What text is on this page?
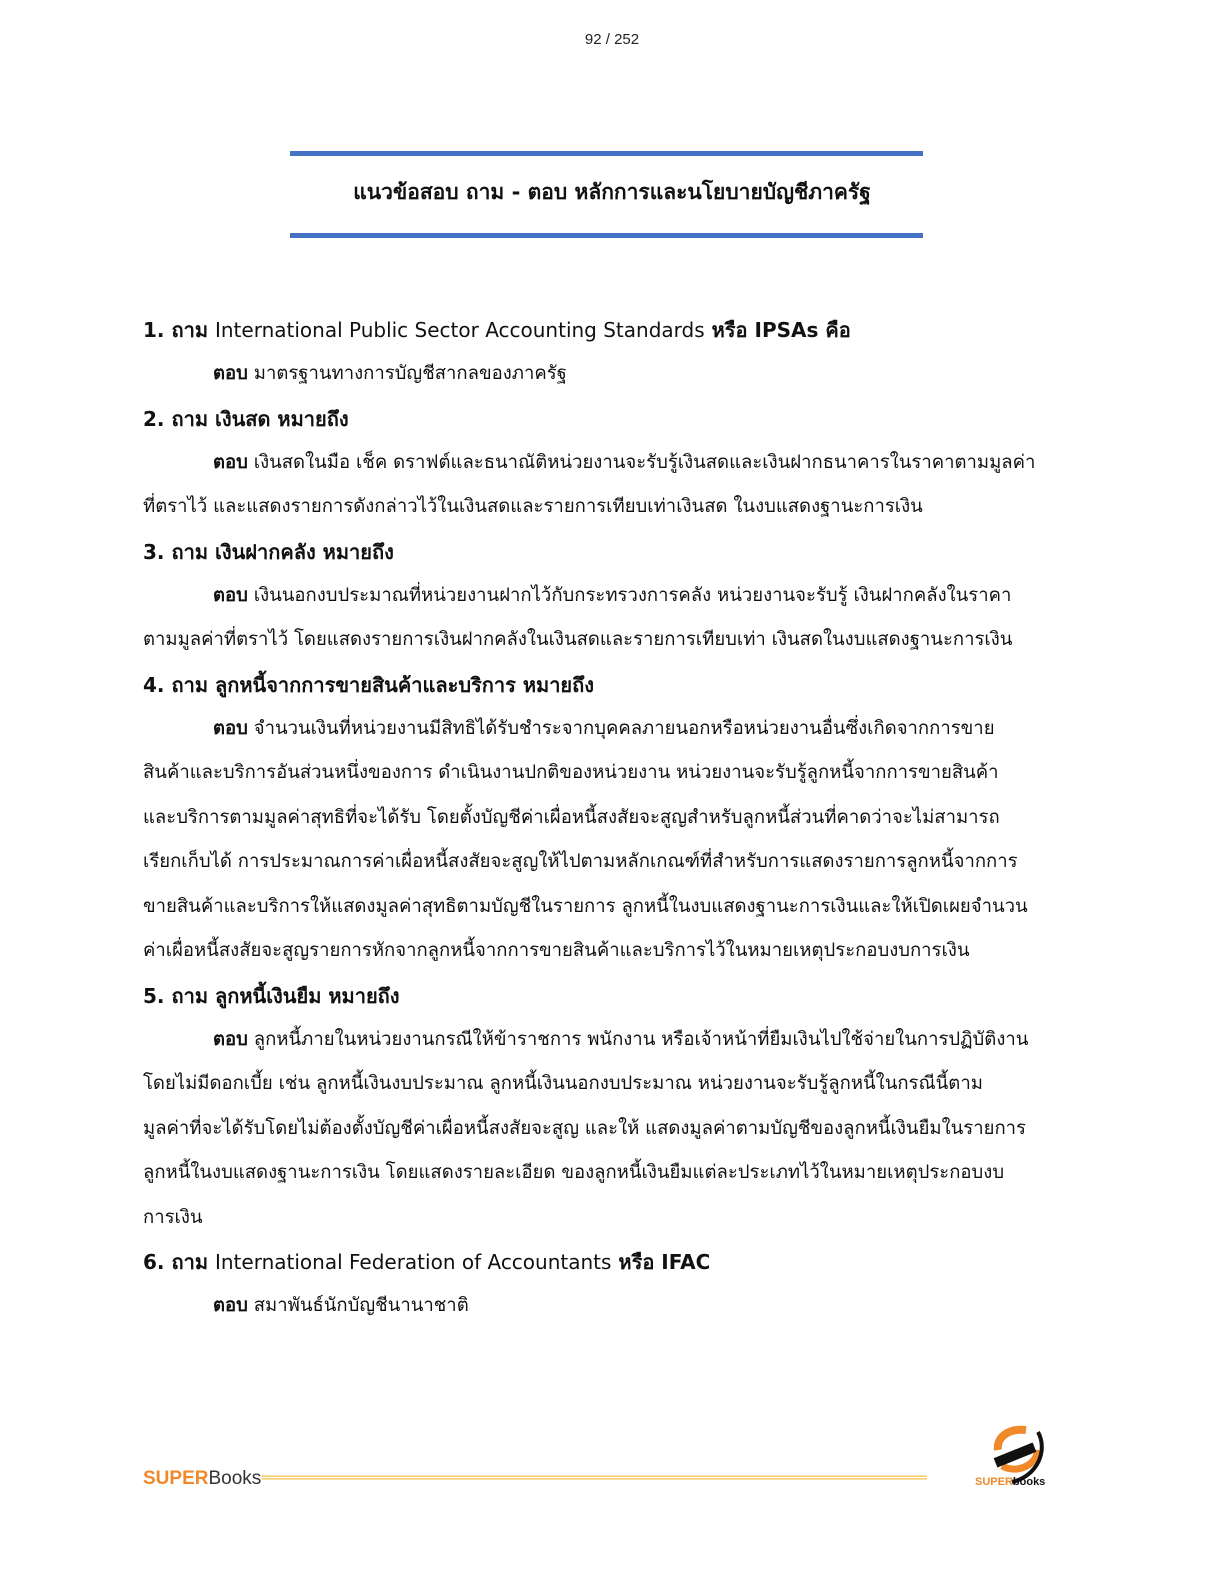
92 / 252
แนวข้อสอบ ถาม - ตอบ หลักการและนโยบายบัญชีภาครัฐ
1. ถาม International Public Sector Accounting Standards หรือ IPSAs คือ
ตอบ มาตรฐานทางการบัญชีสากลของภาครัฐ
2. ถาม เงินสด หมายถึง
ตอบ เงินสดในมือ เช็ค ดราฟต์และธนาณัติหน่วยงานจะรับรู้เงินสดและเงินฝากธนาคารในราคาตามมูลค่า
ที่ตราไว้ และแสดงรายการดังกล่าวไว้ในเงินสดและรายการเทียบเท่าเงินสด ในงบแสดงฐานะการเงิน
3. ถาม เงินฝากคลัง หมายถึง
ตอบ เงินนอกงบประมาณที่หน่วยงานฝากไว้กับกระทรวงการคลัง หน่วยงานจะรับรู้ เงินฝากคลังในราคา
ตามมูลค่าที่ตราไว้ โดยแสดงรายการเงินฝากคลังในเงินสดและรายการเทียบเท่า เงินสดในงบแสดงฐานะการเงิน
4. ถาม ลูกหนี้จากการขายสินค้าและบริการ หมายถึง
ตอบ จำนวนเงินที่หน่วยงานมีสิทธิได้รับชำระจากบุคคลภายนอกหรือหน่วยงานอื่นซึ่งเกิดจากการขาย
สินค้าและบริการอันส่วนหนึ่งของการ ดำเนินงานปกติของหน่วยงาน หน่วยงานจะรับรู้ลูกหนี้จากการขายสินค้า
และบริการตามมูลค่าสุทธิที่จะได้รับ โดยตั้งบัญชีค่าเผื่อหนี้สงสัยจะสูญสำหรับลูกหนี้ส่วนที่คาดว่าจะไม่สามารถ
เรียกเก็บได้ การประมาณการค่าเผื่อหนี้สงสัยจะสูญให้ไปตามหลักเกณฑ์ที่สำหรับการแสดงรายการลูกหนี้จากการ
ขายสินค้าและบริการให้แสดงมูลค่าสุทธิตามบัญชีในรายการ ลูกหนี้ในงบแสดงฐานะการเงินและให้เปิดเผยจำนวน
ค่าเผื่อหนี้สงสัยจะสูญรายการหักจากลูกหนี้จากการขายสินค้าและบริการไว้ในหมายเหตุประกอบงบการเงิน
5. ถาม ลูกหนี้เงินยืม หมายถึง
ตอบ ลูกหนี้ภายในหน่วยงานกรณีให้ข้าราชการ พนักงาน หรือเจ้าหน้าที่ยืมเงินไปใช้จ่ายในการปฏิบัติงาน
โดยไม่มีดอกเบี้ย เช่น ลูกหนี้เงินงบประมาณ ลูกหนี้เงินนอกงบประมาณ หน่วยงานจะรับรู้ลูกหนี้ในกรณีนี้ตาม
มูลค่าที่จะได้รับโดยไม่ต้องตั้งบัญชีค่าเผื่อหนี้สงสัยจะสูญ และให้ แสดงมูลค่าตามบัญชีของลูกหนี้เงินยืมในรายการ
ลูกหนี้ในงบแสดงฐานะการเงิน โดยแสดงรายละเอียด ของลูกหนี้เงินยืมแต่ละประเภทไว้ในหมายเหตุประกอบงบ
การเงิน
6. ถาม International Federation of Accountants หรือ IFAC
ตอบ สมาพันธ์นักบัญชีนานาชาติ
SUPERBooks ================================================================================================	SUPERbooks
